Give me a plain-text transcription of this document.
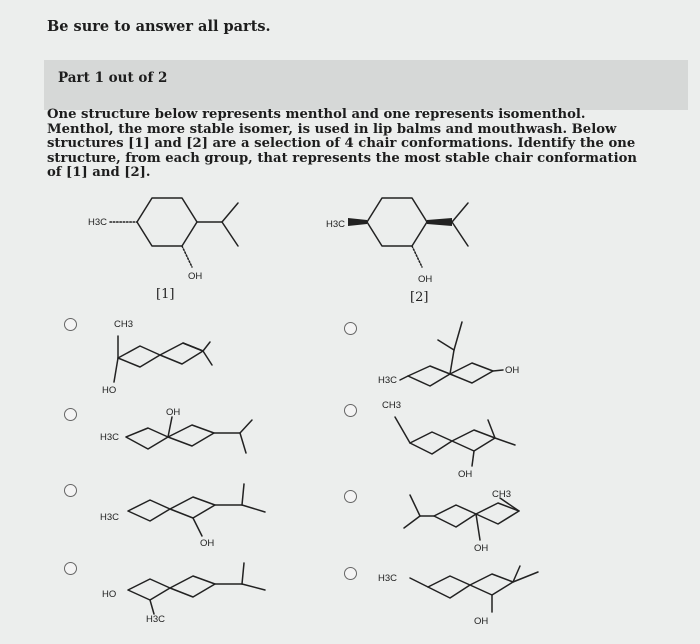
Be sure to answer all parts.
Part 1 out of 2
One structure below represents menthol and one represents isomenthol. Menthol, the more stable isomer, is used in lip balms and mouthwash. Below structures [1] and [2] are a selection of 4 chair conformations. Identify the one structure, from each group, that represents the most stable chair conformation of [1] and [2].
H3C
OH
[1]
H3C
OH
[2]
CH3
HO
OH
H3C
H3C
OH
HO
H3C
H3C
OH
CH3
OH
CH3
OH
H3C
OH
